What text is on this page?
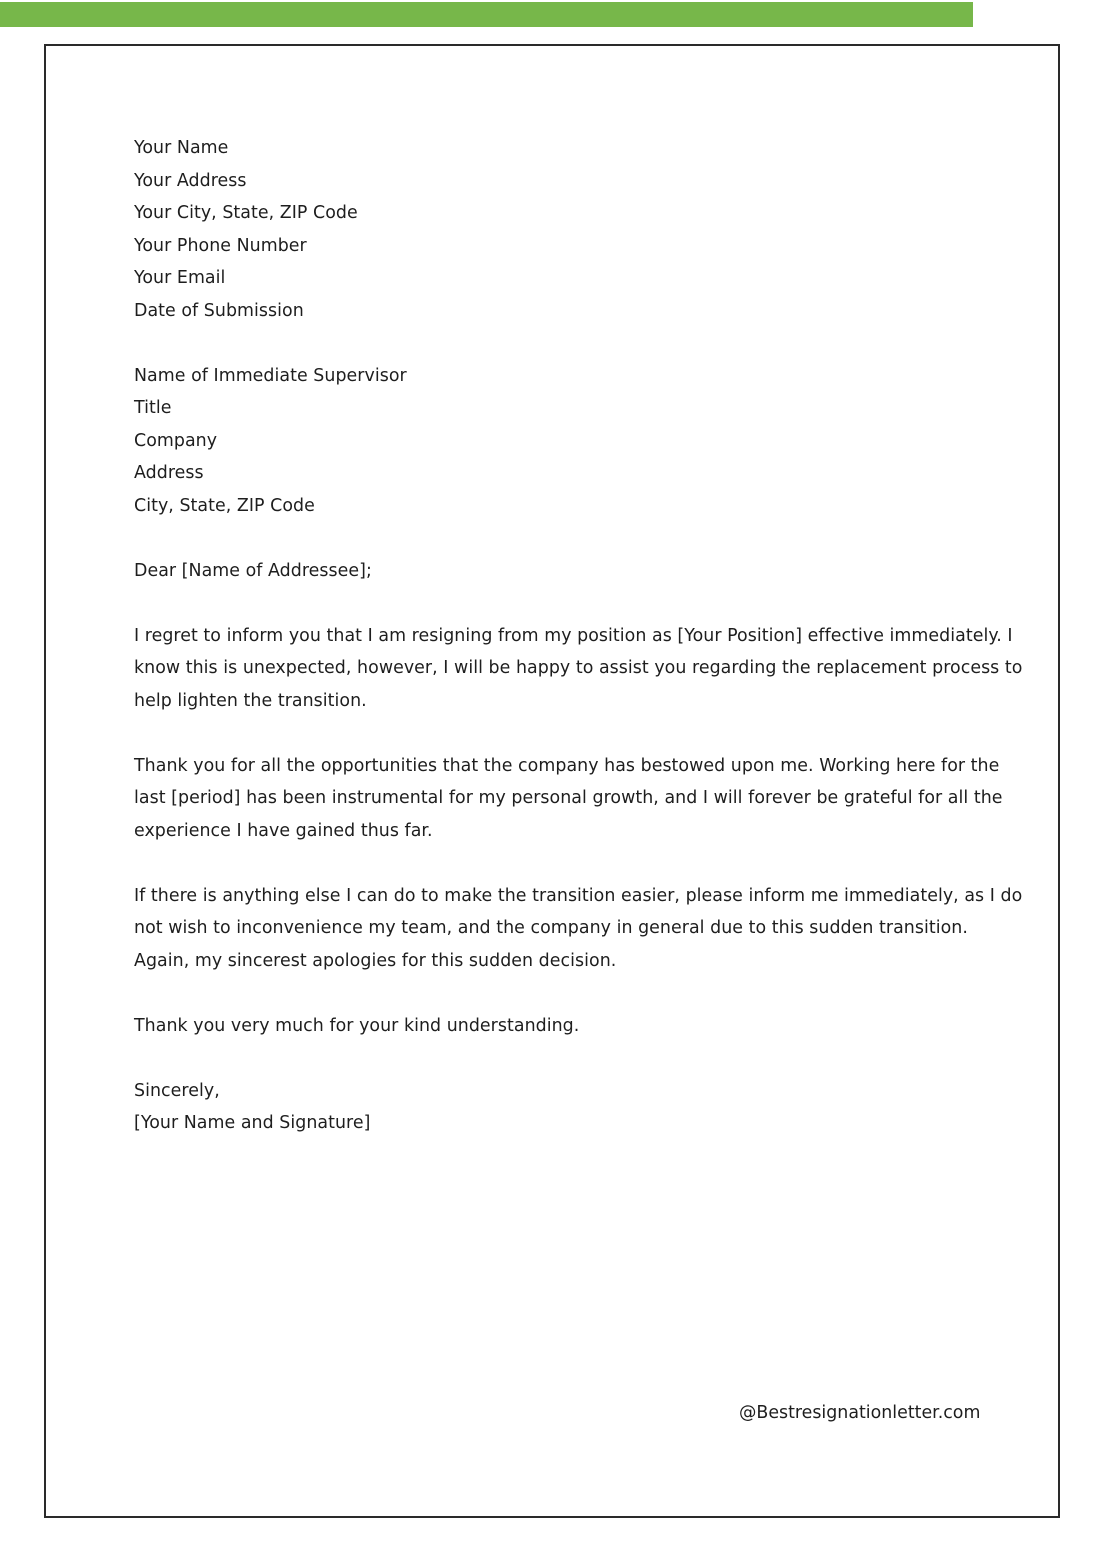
Your Name
Your Address
Your City, State, ZIP Code
Your Phone Number
Your Email
Date of Submission
Name of Immediate Supervisor
Title
Company
Address
City, State, ZIP Code
Dear [Name of Addressee];
I regret to inform you that I am resigning from my position as [Your Position] effective immediately. I
know this is unexpected, however, I will be happy to assist you regarding the replacement process to
help lighten the transition.
Thank you for all the opportunities that the company has bestowed upon me. Working here for the
last [period] has been instrumental for my personal growth, and I will forever be grateful for all the
experience I have gained thus far.
If there is anything else I can do to make the transition easier, please inform me immediately, as I do
not wish to inconvenience my team, and the company in general due to this sudden transition.
Again, my sincerest apologies for this sudden decision.
Thank you very much for your kind understanding.
Sincerely,
[Your Name and Signature]
@Bestresignationletter.com
